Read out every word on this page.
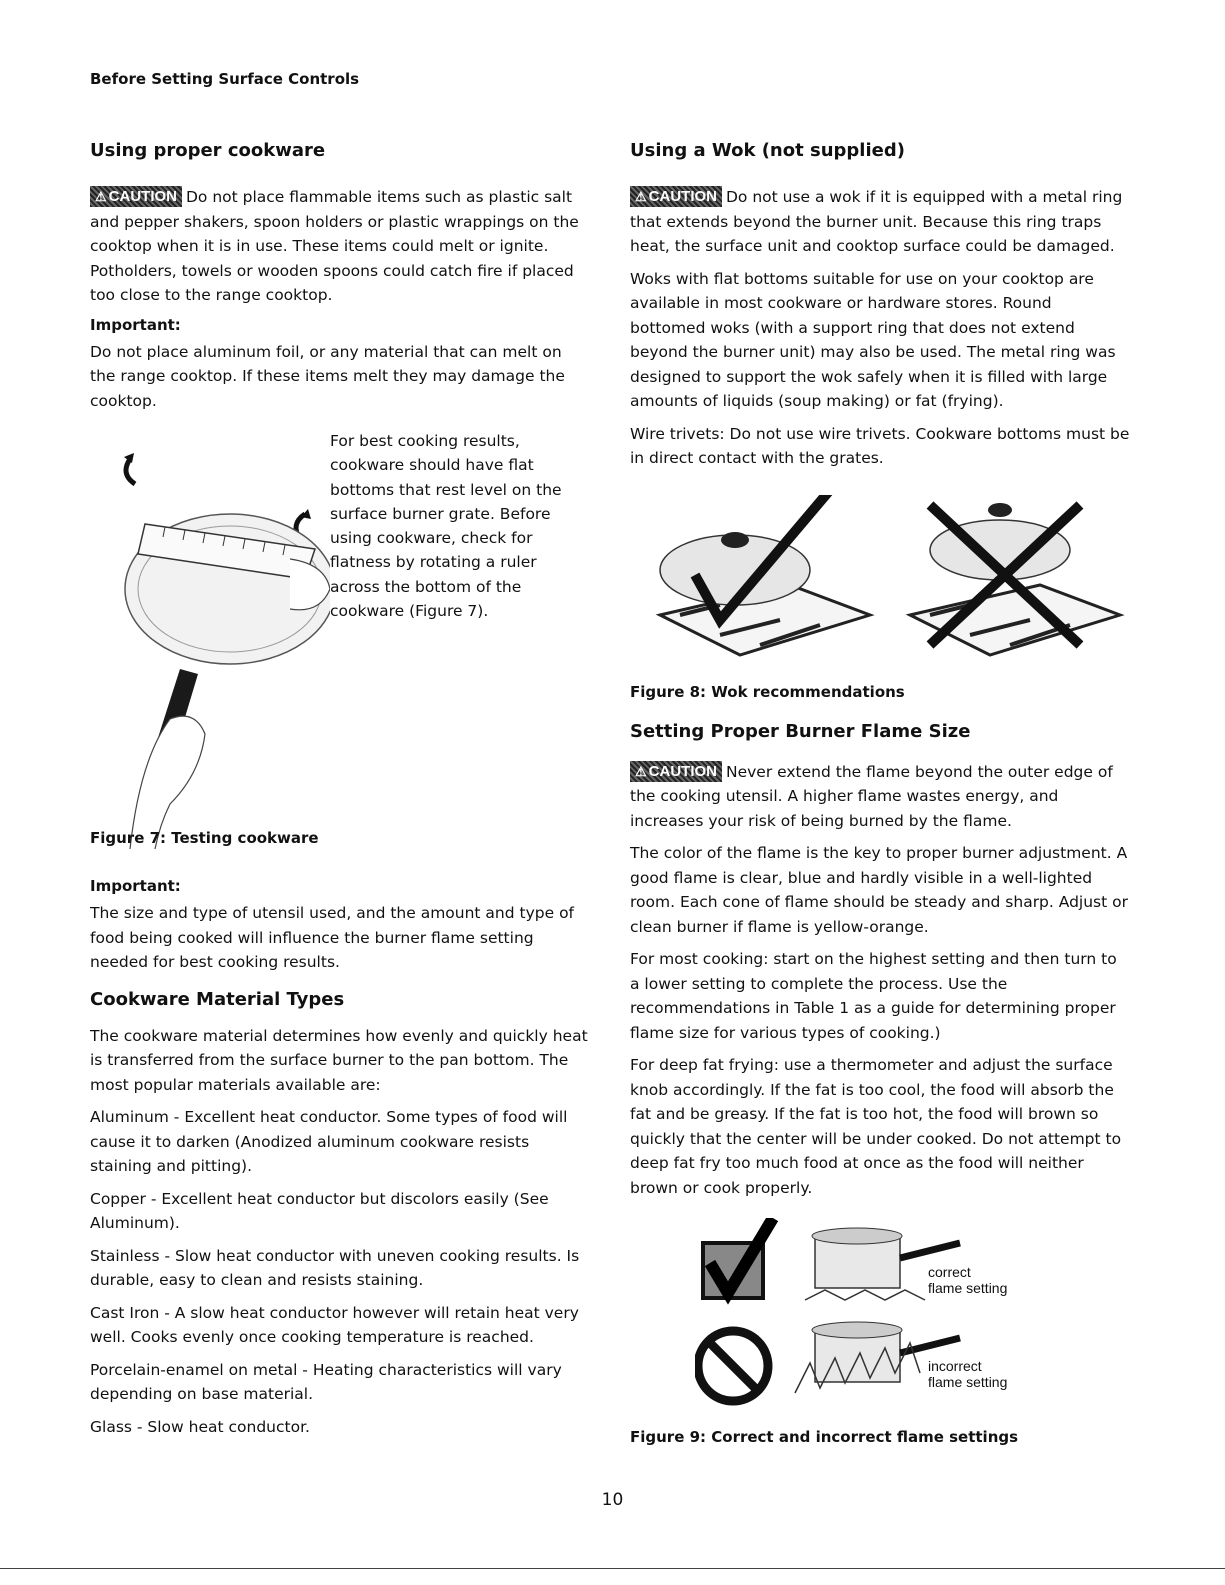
Before Setting Surface Controls
Using proper cookware

⚠ CAUTION Do not place flammable items such as plastic salt and pepper shakers, spoon holders or plastic wrappings on the cooktop when it is in use. These items could melt or ignite. Potholders, towels or wooden spoons could catch fire if placed too close to the range cooktop.

Important:

Do not place aluminum foil, or any material that can melt on the range cooktop. If these items melt they may damage the cooktop.

For best cooking results, cookware should have flat bottoms that rest level on the surface burner grate. Before using cookware, check for flatness by rotating a ruler across the bottom of the cookware (Figure 7).
Figure 7: Testing cookware
Important:

The size and type of utensil used, and the amount and type of food being cooked will influence the burner flame setting needed for best cooking results.

Cookware Material Types

The cookware material determines how evenly and quickly heat is transferred from the surface burner to the pan bottom. The most popular materials available are:

Aluminum - Excellent heat conductor. Some types of food will cause it to darken (Anodized aluminum cookware resists staining and pitting).

Copper - Excellent heat conductor but discolors easily (See Aluminum).

Stainless - Slow heat conductor with uneven cooking results. Is durable, easy to clean and resists staining.

Cast Iron - A slow heat conductor however will retain heat very well. Cooks evenly once cooking temperature is reached.

Porcelain-enamel on metal - Heating characteristics will vary depending on base material.

Glass - Slow heat conductor.

Using a Wok (not supplied)

⚠ CAUTION Do not use a wok if it is equipped with a metal ring that extends beyond the burner unit. Because this ring traps heat, the surface unit and cooktop surface could be damaged.

Woks with flat bottoms suitable for use on your cooktop are available in most cookware or hardware stores. Round bottomed woks (with a support ring that does not extend beyond the burner unit) may also be used. The metal ring was designed to support the wok safely when it is filled with large amounts of liquids (soup making) or fat (frying).

Wire trivets: Do not use wire trivets. Cookware bottoms must be in direct contact with the grates.

Figure 8: Wok recommendations
Setting Proper Burner Flame Size

⚠ CAUTION Never extend the flame beyond the outer edge of the cooking utensil. A higher flame wastes energy, and increases your risk of being burned by the flame.

The color of the flame is the key to proper burner adjustment. A good flame is clear, blue and hardly visible in a well-lighted room. Each cone of flame should be steady and sharp. Adjust or clean burner if flame is yellow-orange.

For most cooking: start on the highest setting and then turn to a lower setting to complete the process. Use the recommendations in Table 1 as a guide for determining proper flame size for various types of cooking.)

For deep fat frying: use a thermometer and adjust the surface knob accordingly. If the fat is too cool, the food will absorb the fat and be greasy. If the fat is too hot, the food will brown so quickly that the center will be under cooked. Do not attempt to deep fat fry too much food at once as the food will neither brown or cook properly.

correct
flame setting
incorrect
flame setting
Figure 9: Correct and incorrect flame settings
10
